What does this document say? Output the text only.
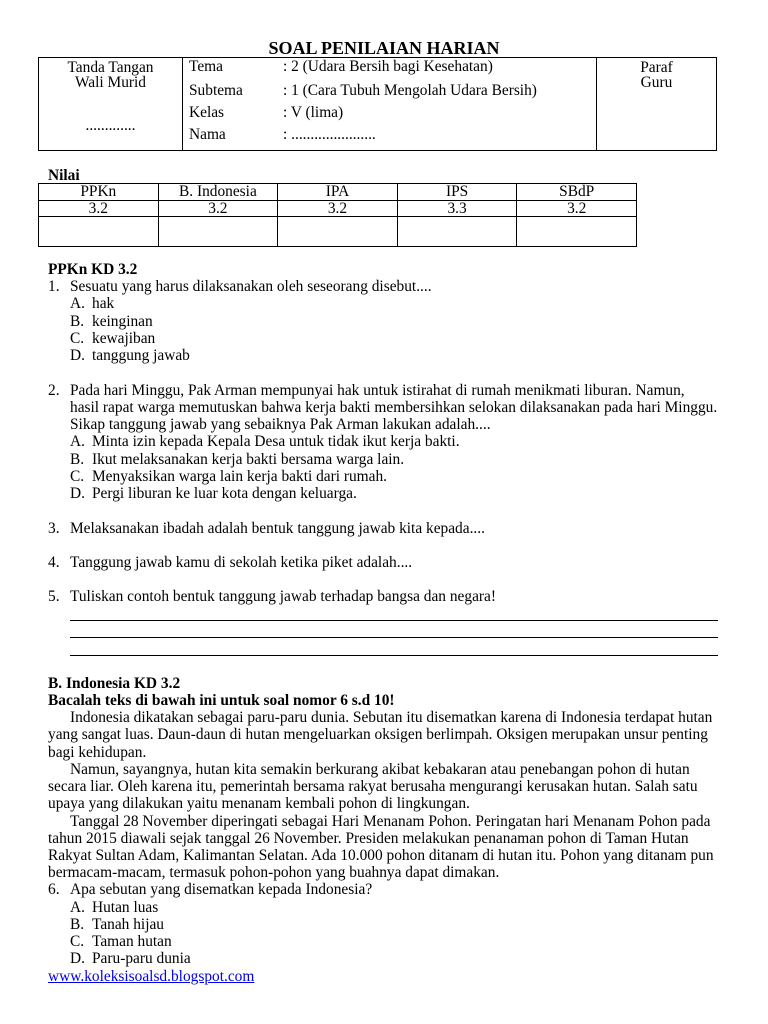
SOAL PENILAIAN HARIAN
Tanda Tangan
Wali Murid
.............
Tema	: 2 (Udara Bersih bagi Kesehatan)
Subtema	: 1 (Cara Tubuh Mengolah Udara Bersih)
Kelas	: V (lima)
Nama	: ......................
Paraf
Guru
Nilai
PPKn	B. Indonesia	IPA	IPS	SBdP
3.2	3.2	3.2	3.3	3.2
PPKn KD 3.2
1. Sesuatu yang harus dilaksanakan oleh seseorang disebut....
A. hak
B. keinginan
C. kewajiban
D. tanggung jawab
2. Pada hari Minggu, Pak Arman mempunyai hak untuk istirahat di rumah menikmati liburan. Namun,
hasil rapat warga memutuskan bahwa kerja bakti membersihkan selokan dilaksanakan pada hari Minggu.
Sikap tanggung jawab yang sebaiknya Pak Arman lakukan adalah....
A. Minta izin kepada Kepala Desa untuk tidak ikut kerja bakti.
B. Ikut melaksanakan kerja bakti bersama warga lain.
C. Menyaksikan warga lain kerja bakti dari rumah.
D. Pergi liburan ke luar kota dengan keluarga.
3. Melaksanakan ibadah adalah bentuk tanggung jawab kita kepada....
4. Tanggung jawab kamu di sekolah ketika piket adalah....
5. Tuliskan contoh bentuk tanggung jawab terhadap bangsa dan negara!
B. Indonesia KD 3.2
Bacalah teks di bawah ini untuk soal nomor 6 s.d 10!
Indonesia dikatakan sebagai paru-paru dunia. Sebutan itu disematkan karena di Indonesia terdapat hutan
yang sangat luas. Daun-daun di hutan mengeluarkan oksigen berlimpah. Oksigen merupakan unsur penting
bagi kehidupan.
Namun, sayangnya, hutan kita semakin berkurang akibat kebakaran atau penebangan pohon di hutan
secara liar. Oleh karena itu, pemerintah bersama rakyat berusaha mengurangi kerusakan hutan. Salah satu
upaya yang dilakukan yaitu menanam kembali pohon di lingkungan.
Tanggal 28 November diperingati sebagai Hari Menanam Pohon. Peringatan hari Menanam Pohon pada
tahun 2015 diawali sejak tanggal 26 November. Presiden melakukan penanaman pohon di Taman Hutan
Rakyat Sultan Adam, Kalimantan Selatan. Ada 10.000 pohon ditanam di hutan itu. Pohon yang ditanam pun
bermacam-macam, termasuk pohon-pohon yang buahnya dapat dimakan.
6. Apa sebutan yang disematkan kepada Indonesia?
A. Hutan luas
B. Tanah hijau
C. Taman hutan
D. Paru-paru dunia
www.koleksisoalsd.blogspot.com
